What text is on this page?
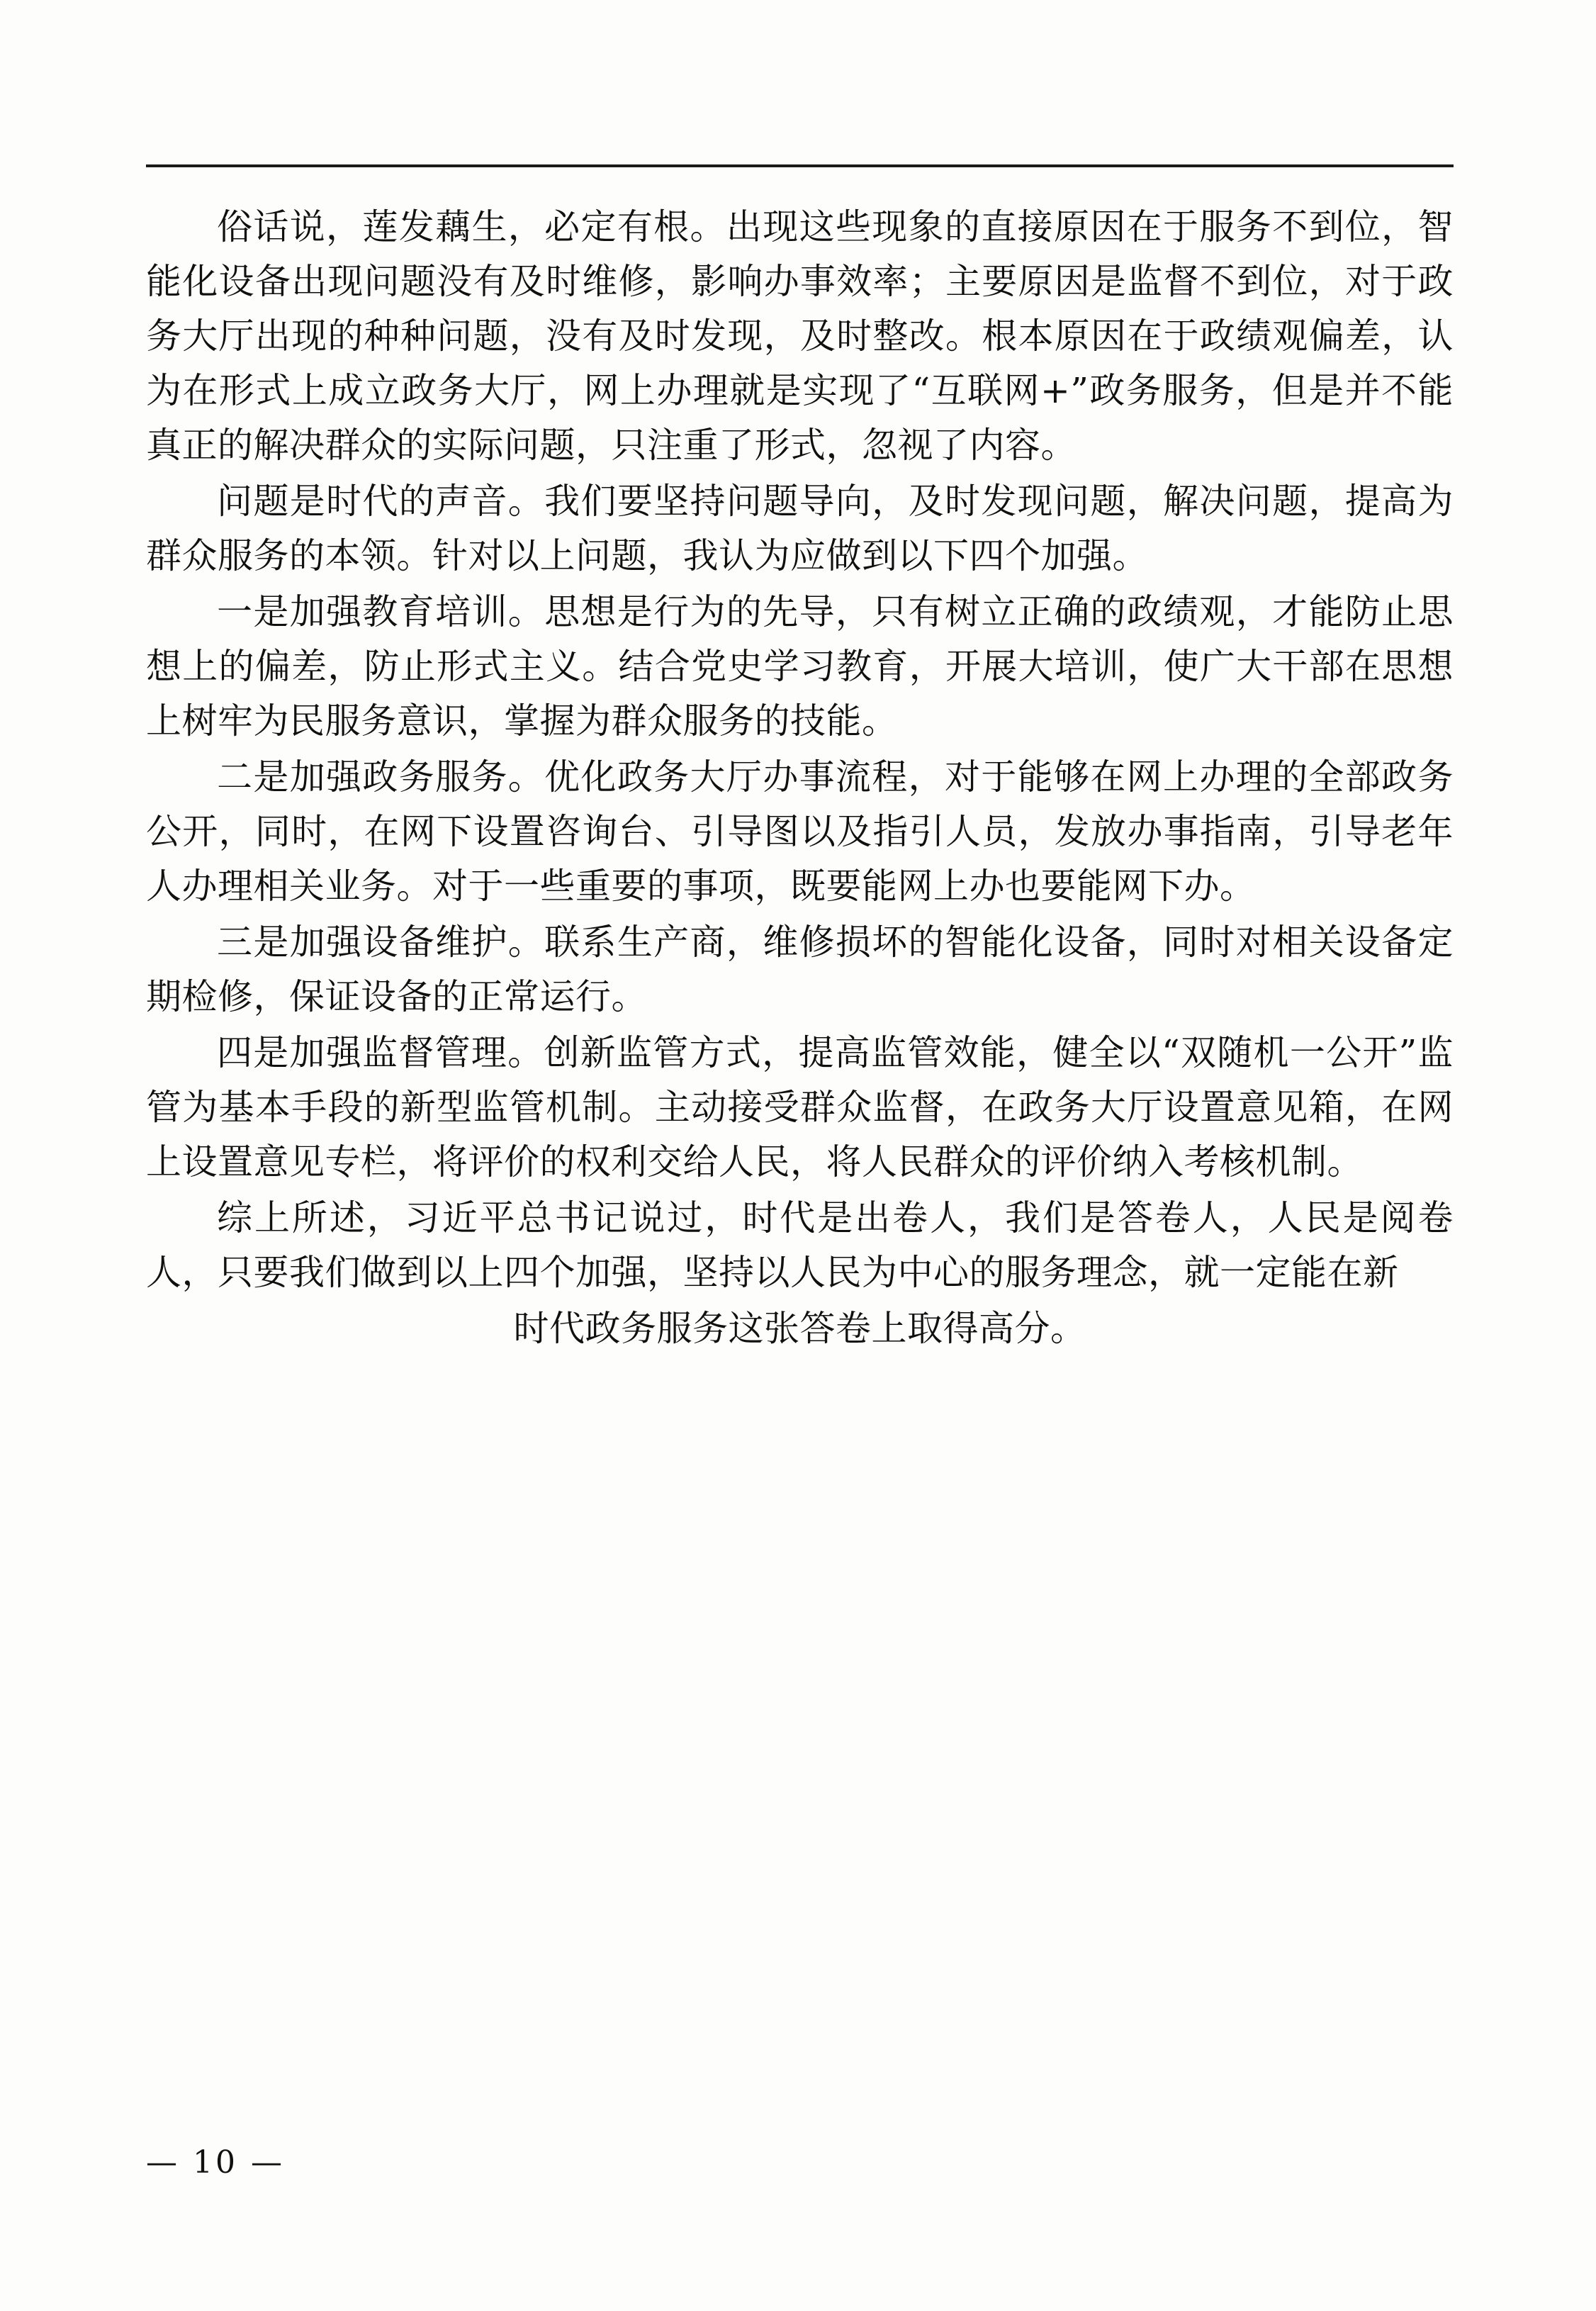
俗话说，莲发藕生，必定有根。出现这些现象的直接原因在于服务不到位，智能化设备出现问题没有及时维修，影响办事效率；主要原因是监督不到位，对于政务大厅出现的种种问题，没有及时发现，及时整改。根本原因在于政绩观偏差，认为在形式上成立政务大厅，网上办理就是实现了“互联网+”政务服务，但是并不能真正的解决群众的实际问题，只注重了形式，忽视了内容。

问题是时代的声音。我们要坚持问题导向，及时发现问题，解决问题，提高为群众服务的本领。针对以上问题，我认为应做到以下四个加强。

一是加强教育培训。思想是行为的先导，只有树立正确的政绩观，才能防止思想上的偏差，防止形式主义。结合党史学习教育，开展大培训，使广大干部在思想上树牢为民服务意识，掌握为群众服务的技能。

二是加强政务服务。优化政务大厅办事流程，对于能够在网上办理的全部政务公开，同时，在网下设置咨询台、引导图以及指引人员，发放办事指南，引导老年人办理相关业务。对于一些重要的事项，既要能网上办也要能网下办。

三是加强设备维护。联系生产商，维修损坏的智能化设备，同时对相关设备定期检修，保证设备的正常运行。

四是加强监督管理。创新监管方式，提高监管效能，健全以“双随机一公开”监管为基本手段的新型监管机制。主动接受群众监督，在政务大厅设置意见箱，在网上设置意见专栏，将评价的权利交给人民，将人民群众的评价纳入考核机制。

综上所述，习近平总书记说过，时代是出卷人，我们是答卷人，人民是阅卷人，只要我们做到以上四个加强，坚持以人民为中心的服务理念，就一定能在新

时代政务服务这张答卷上取得高分。

— 10 —
